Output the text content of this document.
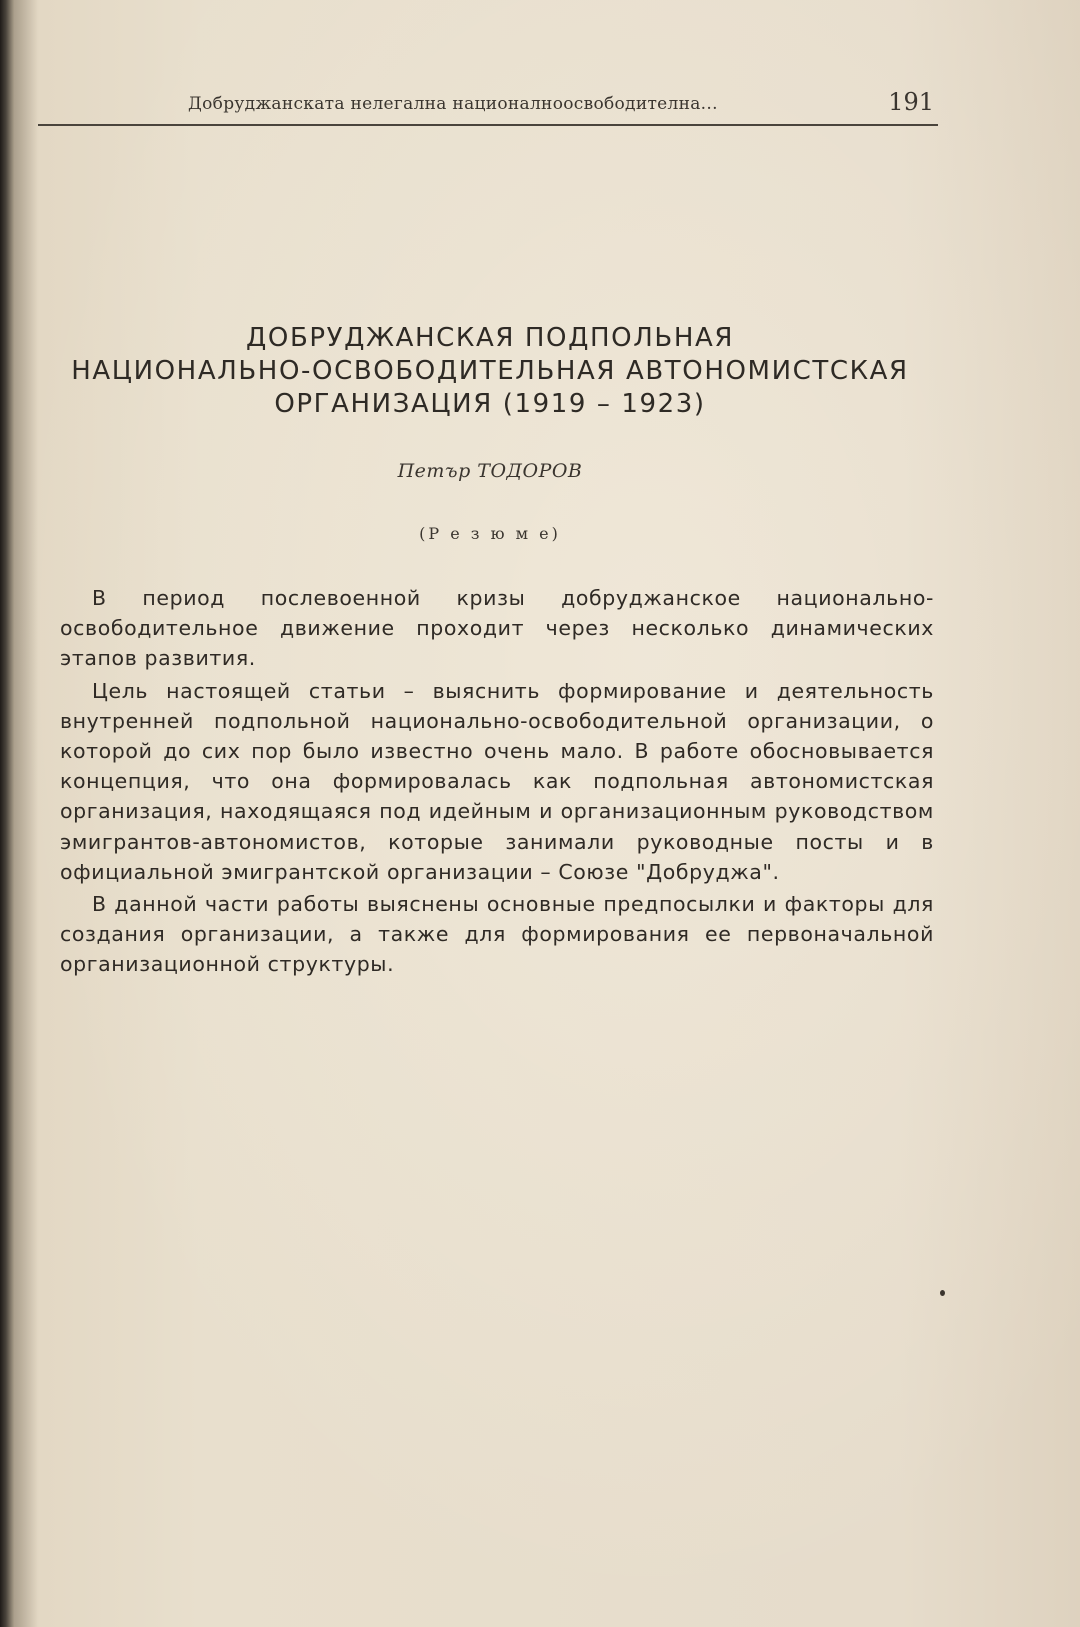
Добруджанската нелегална националноосвободителна...	191
ДОБРУДЖАНСКАЯ ПОДПОЛЬНАЯ
НАЦИОНАЛЬНО-ОСВОБОДИТЕЛЬНАЯ АВТОНОМИСТСКАЯ
ОРГАНИЗАЦИЯ (1919 – 1923)
Петър ТОДОРОВ
(Р е з ю м е)

В период послевоенной кризы добруджанское национально-освободительное движение проходит через несколько динамических этапов развития.

Цель настоящей статьи – выяснить формирование и деятельность внутренней подпольной национально-освободительной организации, о которой до сих пор было известно очень мало. В работе обосновывается концепция, что она формировалась как подпольная автономистская организация, находящаяся под идейным и организационным руководством эмигрантов-автономистов, которые занимали руководные посты и в официальной эмигрантской организации – Союзе "Добруджа".

В данной части работы выяснены основные предпосылки и факторы для создания организации, а также для формирования ее первоначальной организационной структуры.
